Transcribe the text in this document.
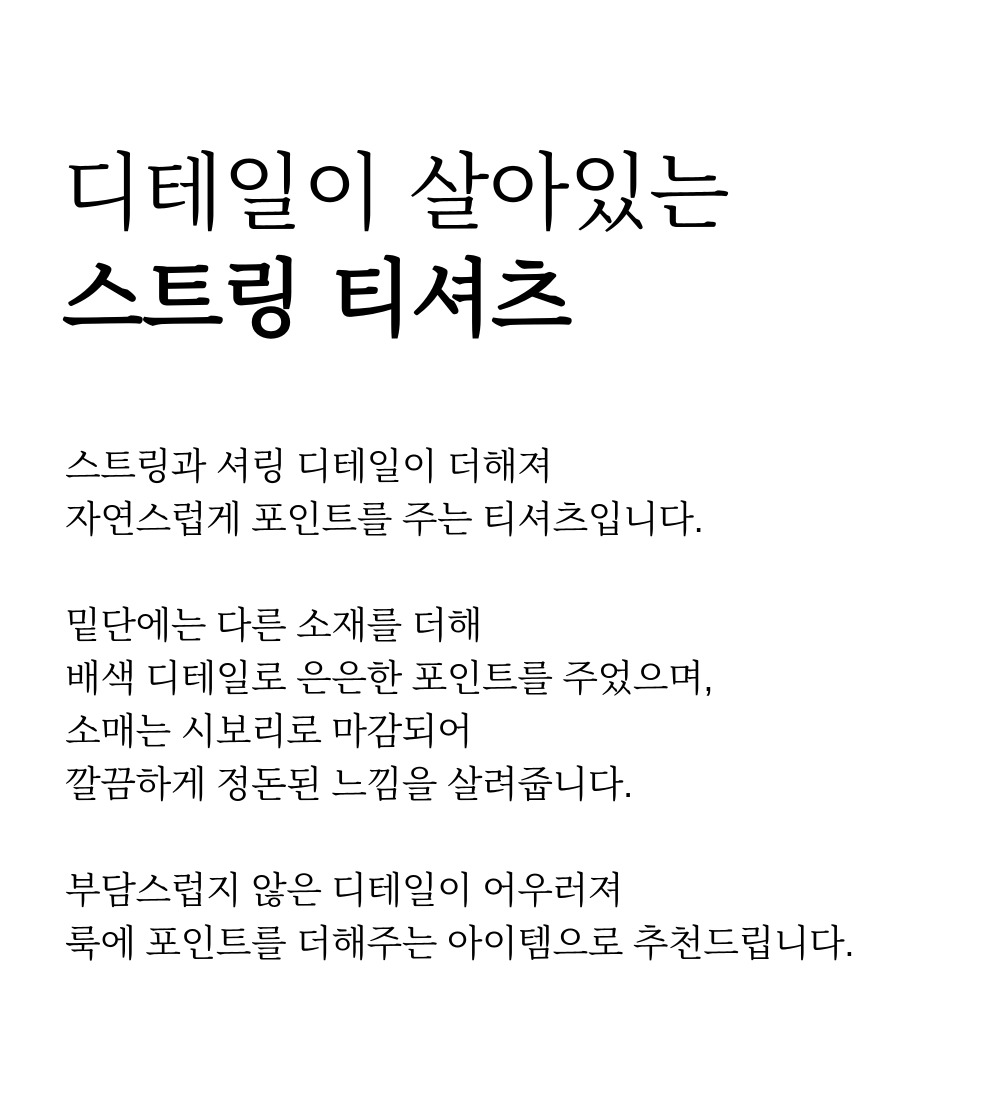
디테일이 살아있는
스트링 티셔츠

스트링과 셔링 디테일이 더해져
자연스럽게 포인트를 주는 티셔츠입니다.

밑단에는 다른 소재를 더해
배색 디테일로 은은한 포인트를 주었으며,
소매는 시보리로 마감되어
깔끔하게 정돈된 느낌을 살려줍니다.

부담스럽지 않은 디테일이 어우러져
룩에 포인트를 더해주는 아이템으로 추천드립니다.
